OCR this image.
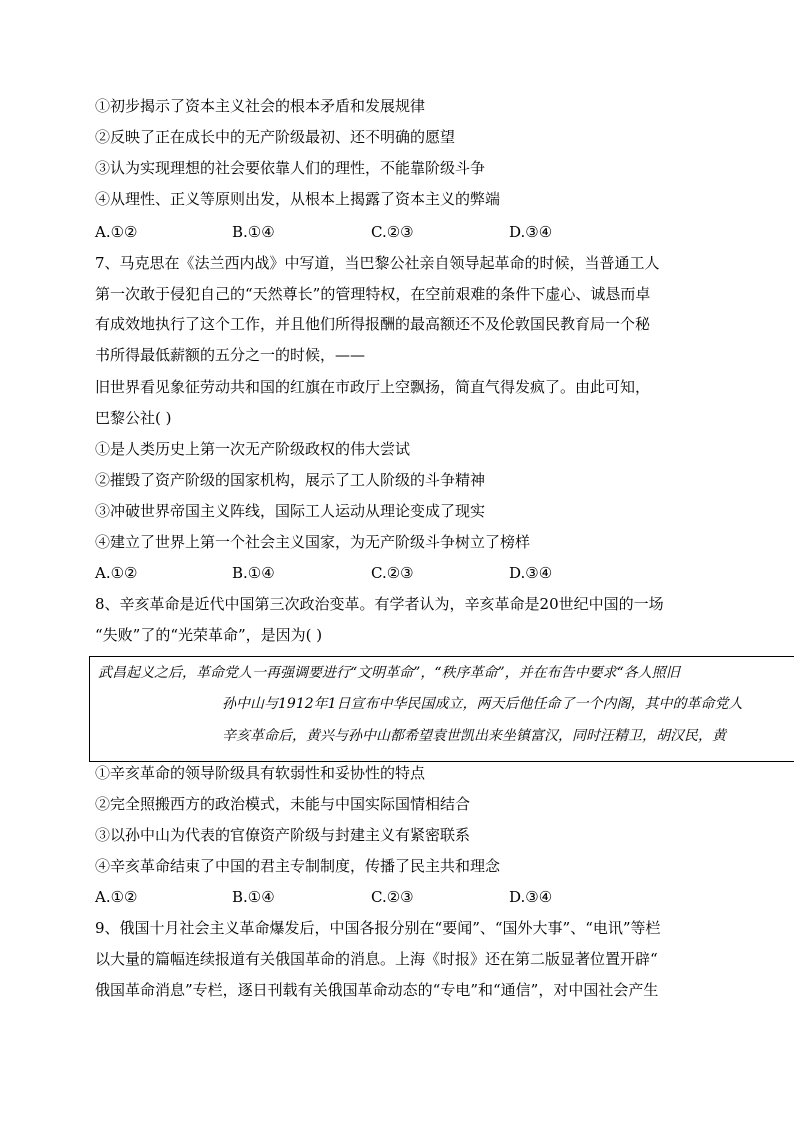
①初步揭示了资本主义社会的根本矛盾和发展规律
②反映了正在成长中的无产阶级最初、还不明确的愿望
③认为实现理想的社会要依靠人们的理性，不能靠阶级斗争
④从理性、正义等原则出发，从根本上揭露了资本主义的弊端
A.①②	B.①④	C.②③	D.③④
7、马克思在《法兰西内战》中写道，当巴黎公社亲自领导起革命的时候，当普通工人
第一次敢于侵犯自己的“天然尊长”的管理特权，在空前艰难的条件下虚心、诚恳而卓
有成效地执行了这个工作，并且他们所得报酬的最高额还不及伦敦国民教育局一个秘
书所得最低薪额的五分之一的时候，——
旧世界看见象征劳动共和国的红旗在市政厅上空飘扬，简直气得发疯了。由此可知，
巴黎公社( )
①是人类历史上第一次无产阶级政权的伟大尝试
②摧毁了资产阶级的国家机构，展示了工人阶级的斗争精神
③冲破世界帝国主义阵线，国际工人运动从理论变成了现实
④建立了世界上第一个社会主义国家，为无产阶级斗争树立了榜样
A.①②	B.①④	C.②③	D.③④
8、辛亥革命是近代中国第三次政治变革。有学者认为，辛亥革命是20世纪中国的一场
“失败”了的“光荣革命”，是因为( )
武昌起义之后，革命党人一再强调要进行“文明革命”，“秩序革命”，并在布告中要求“各人照旧
孙中山与1912年1日宣布中华民国成立，两天后他任命了一个内阁，其中的革命党人
辛亥革命后，黄兴与孙中山都希望袁世凯出来坐镇富汉，同时汪精卫，胡汉民，黄
①辛亥革命的领导阶级具有软弱性和妥协性的特点
②完全照搬西方的政治模式，未能与中国实际国情相结合
③以孙中山为代表的官僚资产阶级与封建主义有紧密联系
④辛亥革命结束了中国的君主专制制度，传播了民主共和理念
A.①②	B.①④	C.②③	D.③④
9、俄国十月社会主义革命爆发后，中国各报分别在“要闻”、“国外大事”、“电讯”等栏
以大量的篇幅连续报道有关俄国革命的消息。上海《时报》还在第二版显著位置开辟“
俄国革命消息”专栏，逐日刊载有关俄国革命动态的“专电”和“通信”，对中国社会产生
